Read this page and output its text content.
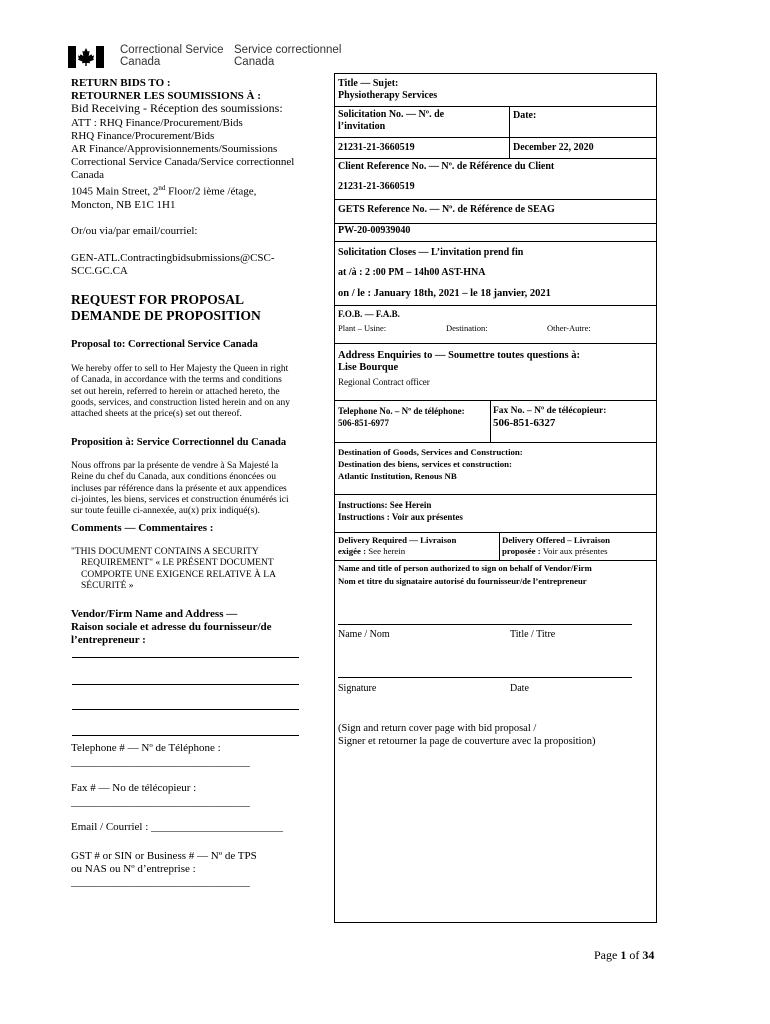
Correctional Service
Canada
Service correctionnel
Canada
RETURN BIDS TO :
RETOURNER LES SOUMISSIONS À :
Bid Receiving - Réception des soumissions:
ATT : RHQ Finance/Procurement/Bids
RHQ Finance/Procurement/Bids
AR Finance/Approvisionnements/Soumissions
Correctional Service Canada/Service correctionnel
Canada
1045 Main Street, 2nd Floor/2 ième /étage,
Moncton, NB E1C 1H1
Or/ou via/par email/courriel:
GEN-ATL.Contractingbidsubmissions@CSC-
SCC.GC.CA
REQUEST FOR PROPOSAL
DEMANDE DE PROPOSITION
Proposal to: Correctional Service Canada
We hereby offer to sell to Her Majesty the Queen in right
of Canada, in accordance with the terms and conditions
set out herein, referred to herein or attached hereto, the
goods, services, and construction listed herein and on any
attached sheets at the price(s) set out thereof.
Proposition à: Service Correctionnel du Canada
Nous offrons par la présente de vendre à Sa Majesté la
Reine du chef du Canada, aux conditions énoncées ou
incluses par référence dans la présente et aux appendices
ci-jointes, les biens, services et construction énumérés ici
sur toute feuille ci-annexée, au(x) prix indiqué(s).
Comments — Commentaires :
"THIS DOCUMENT CONTAINS A SECURITY
REQUIREMENT" « LE PRÉSENT DOCUMENT
COMPORTE UNE EXIGENCE RELATIVE À LA
SÉCURITÉ »
Vendor/Firm Name and Address —
Raison sociale et adresse du fournisseur/de
l’entrepreneur :
Telephone # — Nº de Téléphone :
______________________________________
Fax # — No de télécopieur :
______________________________________
Email / Courriel : ________________________
GST # or SIN or Business # — Nº de TPS
ou NAS ou Nº d’entreprise :
______________________________________
Title — Sujet:
Physiotherapy Services
Solicitation No. — Nº. de
l’invitation
Date:
21231-21-3660519	December 22, 2020
Client Reference No. — Nº. de Référence du Client
21231-21-3660519
GETS Reference No. — Nº. de Référence de SEAG
PW-20-00939040
Solicitation Closes — L’invitation prend fin
at /à : 2 :00 PM – 14h00 AST-HNA
on / le : January 18th, 2021 – le 18 janvier, 2021
F.O.B. — F.A.B.
Plant – Usine:	Destination:	Other-Autre:
Address Enquiries to — Soumettre toutes questions à:
Lise Bourque
Regional Contract officer
Telephone No. – Nº de téléphone:
506-851-6977
Fax No. – Nº de télécopieur:
506-851-6327
Destination of Goods, Services and Construction:
Destination des biens, services et construction:
Atlantic Institution, Renous NB
Instructions: See Herein
Instructions : Voir aux présentes
Delivery Required — Livraison
exigée : See herein
Delivery Offered – Livraison
proposée : Voir aux présentes
Name and title of person authorized to sign on behalf of Vendor/Firm
Nom et titre du signataire autorisé du fournisseur/de l’entrepreneur
Name / Nom	Title / Titre
Signature	Date
(Sign and return cover page with bid proposal /
Signer et retourner la page de couverture avec la proposition)
Page 1 of 34
